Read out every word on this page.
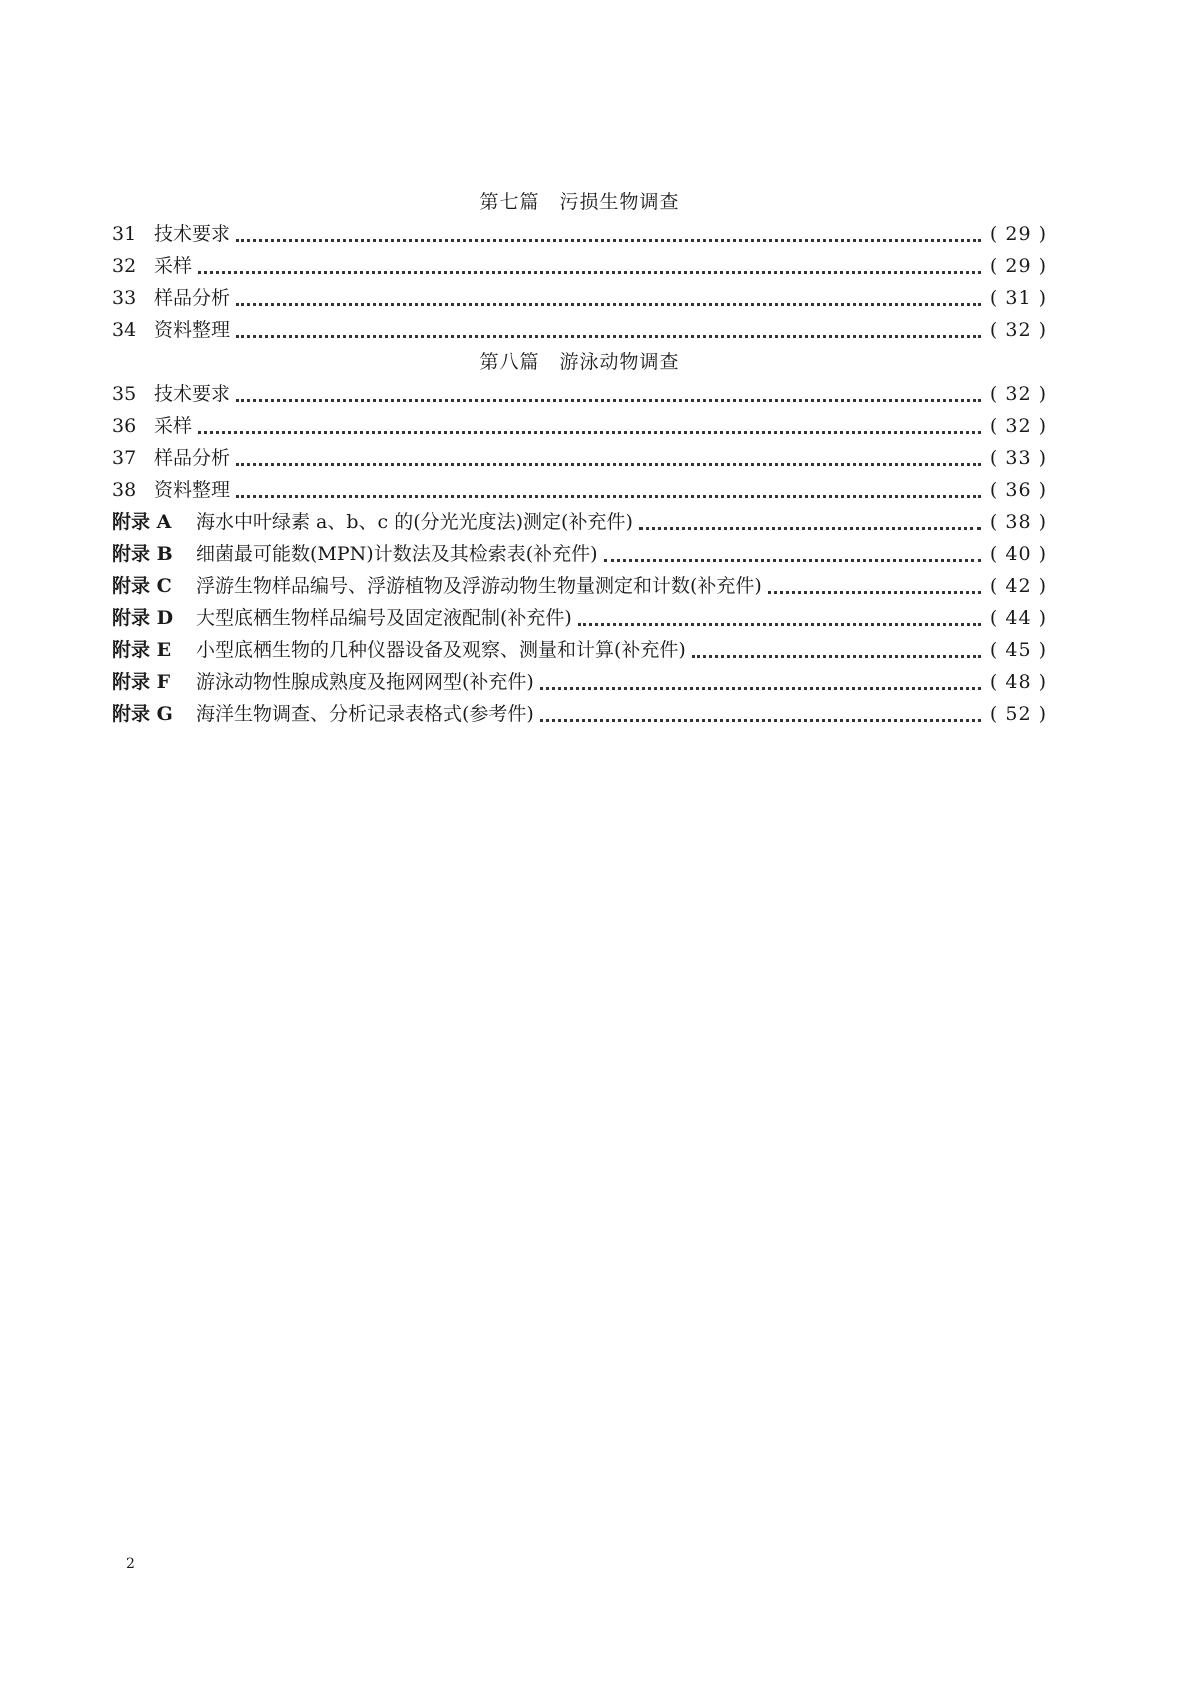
第七篇　污损生物调查
31 技术要求	( 29 )
32 采样	( 29 )
33 样品分析	( 31 )
34 资料整理	( 32 )
第八篇　游泳动物调查
35 技术要求	( 32 )
36 采样	( 32 )
37 样品分析	( 33 )
38 资料整理	( 36 )
附录 A	海水中叶绿素 a、b、c 的(分光光度法)测定(补充件)	( 38 )
附录 B	细菌最可能数(MPN)计数法及其检索表(补充件)	( 40 )
附录 C	浮游生物样品编号、浮游植物及浮游动物生物量测定和计数(补充件)	( 42 )
附录 D	大型底栖生物样品编号及固定液配制(补充件)	( 44 )
附录 E	小型底栖生物的几种仪器设备及观察、测量和计算(补充件)	( 45 )
附录 F	游泳动物性腺成熟度及拖网网型(补充件)	( 48 )
附录 G	海洋生物调查、分析记录表格式(参考件)	( 52 )
2
